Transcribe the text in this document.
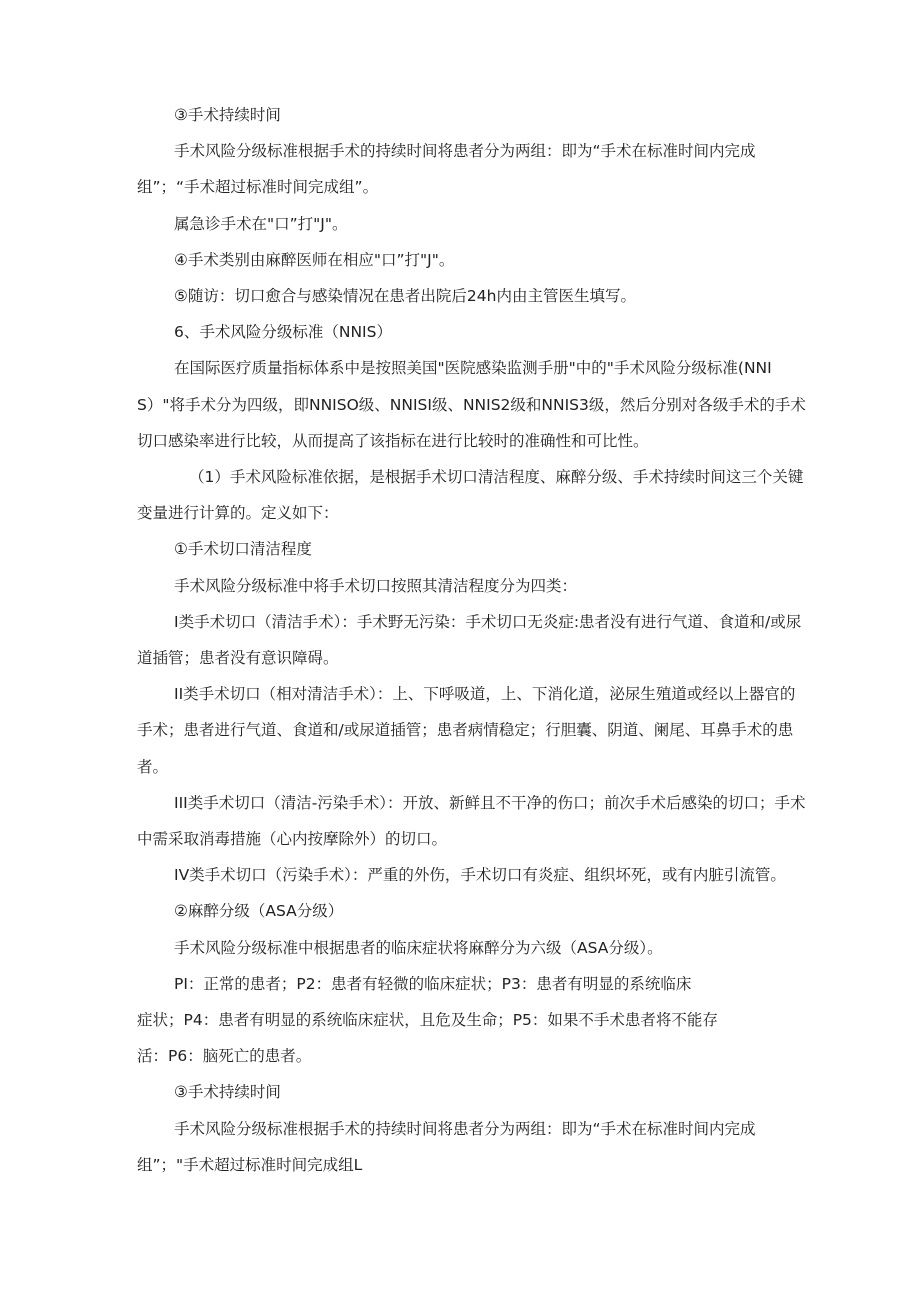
③手术持续时间

手术风险分级标准根据手术的持续时间将患者分为两组：即为“手术在标准时间内完成组”；“手术超过标准时间完成组”。

属急诊手术在"口”打"J"。

④手术类别由麻醉医师在相应"口”打"J"。

⑤随访：切口愈合与感染情况在患者出院后24h内由主管医生填写。

6、手术风险分级标准（NNIS）

在国际医疗质量指标体系中是按照美国"医院感染监测手册"中的"手术风险分级标准(NNIS）"将手术分为四级，即NNISO级、NNISI级、NNIS2级和NNIS3级，然后分别对各级手术的手术切口感染率进行比较，从而提高了该指标在进行比较时的准确性和可比性。

（1）手术风险标准依据，是根据手术切口清洁程度、麻醉分级、手术持续时间这三个关键变量进行计算的。定义如下：

①手术切口清洁程度

手术风险分级标准中将手术切口按照其清洁程度分为四类：

I类手术切口（清洁手术）：手术野无污染：手术切口无炎症:患者没有进行气道、食道和/或尿道插管；患者没有意识障碍。

II类手术切口（相对清洁手术）：上、下呼吸道，上、下消化道，泌尿生殖道或经以上器官的手术；患者进行气道、食道和/或尿道插管；患者病情稳定；行胆囊、阴道、阑尾、耳鼻手术的患者。

III类手术切口（清洁-污染手术）：开放、新鲜且不干净的伤口；前次手术后感染的切口；手术中需采取消毒措施（心内按摩除外）的切口。

IV类手术切口（污染手术）：严重的外伤，手术切口有炎症、组织坏死，或有内脏引流管。

②麻醉分级（ASA分级）

手术风险分级标准中根据患者的临床症状将麻醉分为六级（ASA分级）。

PI：正常的患者；P2：患者有轻微的临床症状；P3：患者有明显的系统临床

症状；P4：患者有明显的系统临床症状，且危及生命；P5：如果不手术患者将不能存

活：P6：脑死亡的患者。

③手术持续时间

手术风险分级标准根据手术的持续时间将患者分为两组：即为“手术在标准时间内完成组”；"手术超过标准时间完成组L
